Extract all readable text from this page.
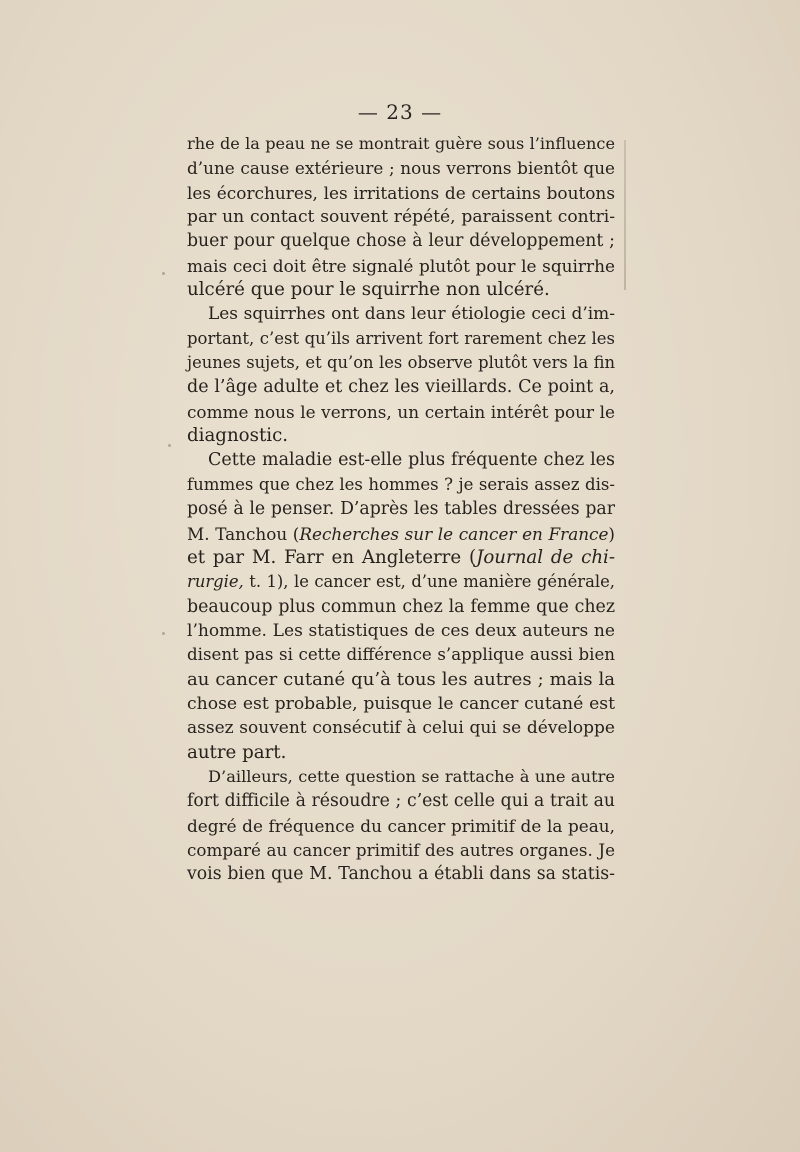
— 23 —
rhe de la peau ne se montrait guère sous l’influence
d’une cause extérieure ; nous verrons bientôt que
les écorchures, les irritations de certains boutons
par un contact souvent répété, paraissent contri-
buer pour quelque chose à leur développement ;
mais ceci doit être signalé plutôt pour le squirrhe
ulcéré que pour le squirrhe non ulcéré.
Les squirrhes ont dans leur étiologie ceci d’im-
portant, c’est qu’ils arrivent fort rarement chez les
jeunes sujets, et qu’on les observe plutôt vers la fin
de l’âge adulte et chez les vieillards. Ce point a,
comme nous le verrons, un certain intérêt pour le
diagnostic.
Cette maladie est-elle plus fréquente chez les
fummes que chez les hommes ? je serais assez dis-
posé à le penser. D’après les tables dressées par
M. Tanchou (Recherches sur le cancer en France)
et par M. Farr en Angleterre (Journal de chi-
rurgie, t. 1), le cancer est, d’une manière générale,
beaucoup plus commun chez la femme que chez
l’homme. Les statistiques de ces deux auteurs ne
disent pas si cette différence s’applique aussi bien
au cancer cutané qu’à tous les autres ; mais la
chose est probable, puisque le cancer cutané est
assez souvent consécutif à celui qui se développe
autre part.
D’ailleurs, cette question se rattache à une autre
fort difficile à résoudre ; c’est celle qui a trait au
degré de fréquence du cancer primitif de la peau,
comparé au cancer primitif des autres organes. Je
vois bien que M. Tanchou a établi dans sa statis-
